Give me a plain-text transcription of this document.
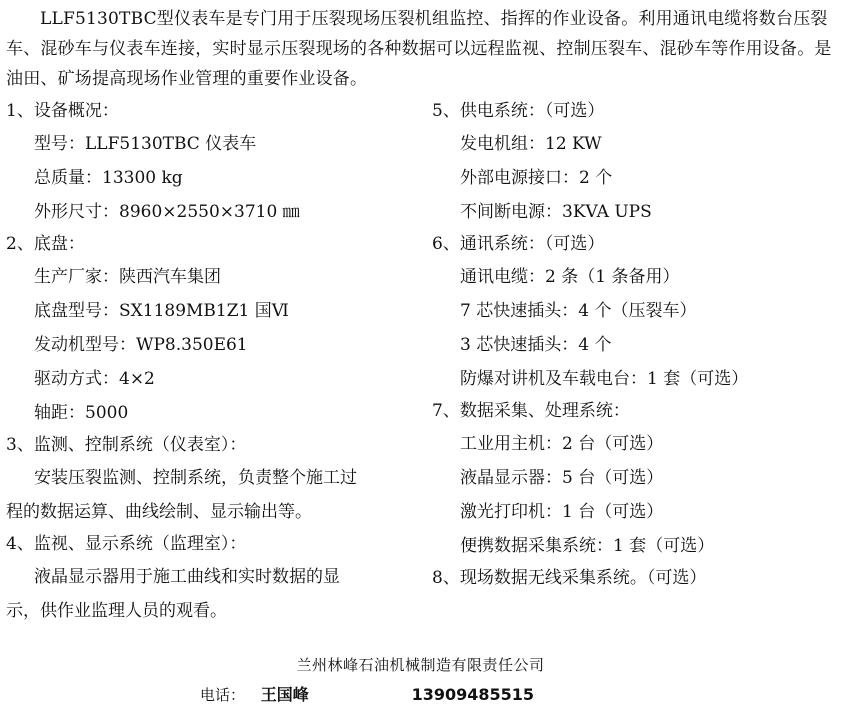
LLF5130TBC型仪表车是专门用于压裂现场压裂机组监控、指挥的作业设备。利用通讯电缆将数台压裂车、混砂车与仪表车连接，实时显示压裂现场的各种数据可以远程监视、控制压裂车、混砂车等作用设备。是油田、矿场提高现场作业管理的重要作业设备。

1、设备概况：
型号：LLF5130TBC 仪表车
总质量：13300 kg
外形尺寸：8960×2550×3710 ㎜
2、底盘：
生产厂家：陕西汽车集团
底盘型号：SX1189MB1Z1 国Ⅵ
发动机型号：WP8.350E61
驱动方式：4×2
轴距：5000
3、监测、控制系统（仪表室）：
安装压裂监测、控制系统，负责整个施工过
程的数据运算、曲线绘制、显示输出等。
4、监视、显示系统（监理室）：
液晶显示器用于施工曲线和实时数据的显
示，供作业监理人员的观看。
5、供电系统：（可选）
发电机组：12 KW
外部电源接口：2 个
不间断电源：3KVA UPS
6、通讯系统：（可选）
通讯电缆：2 条（1 条备用）
7 芯快速插头：4 个（压裂车）
3 芯快速插头：4 个
防爆对讲机及车载电台：1 套（可选）
7、数据采集、处理系统：
工业用主机：2 台（可选）
液晶显示器：5 台（可选）
激光打印机：1 台（可选）
便携数据采集系统：1 套（可选）
8、现场数据无线采集系统。（可选）
兰州林峰石油机械制造有限责任公司
电话： 王国峰	13909485515
